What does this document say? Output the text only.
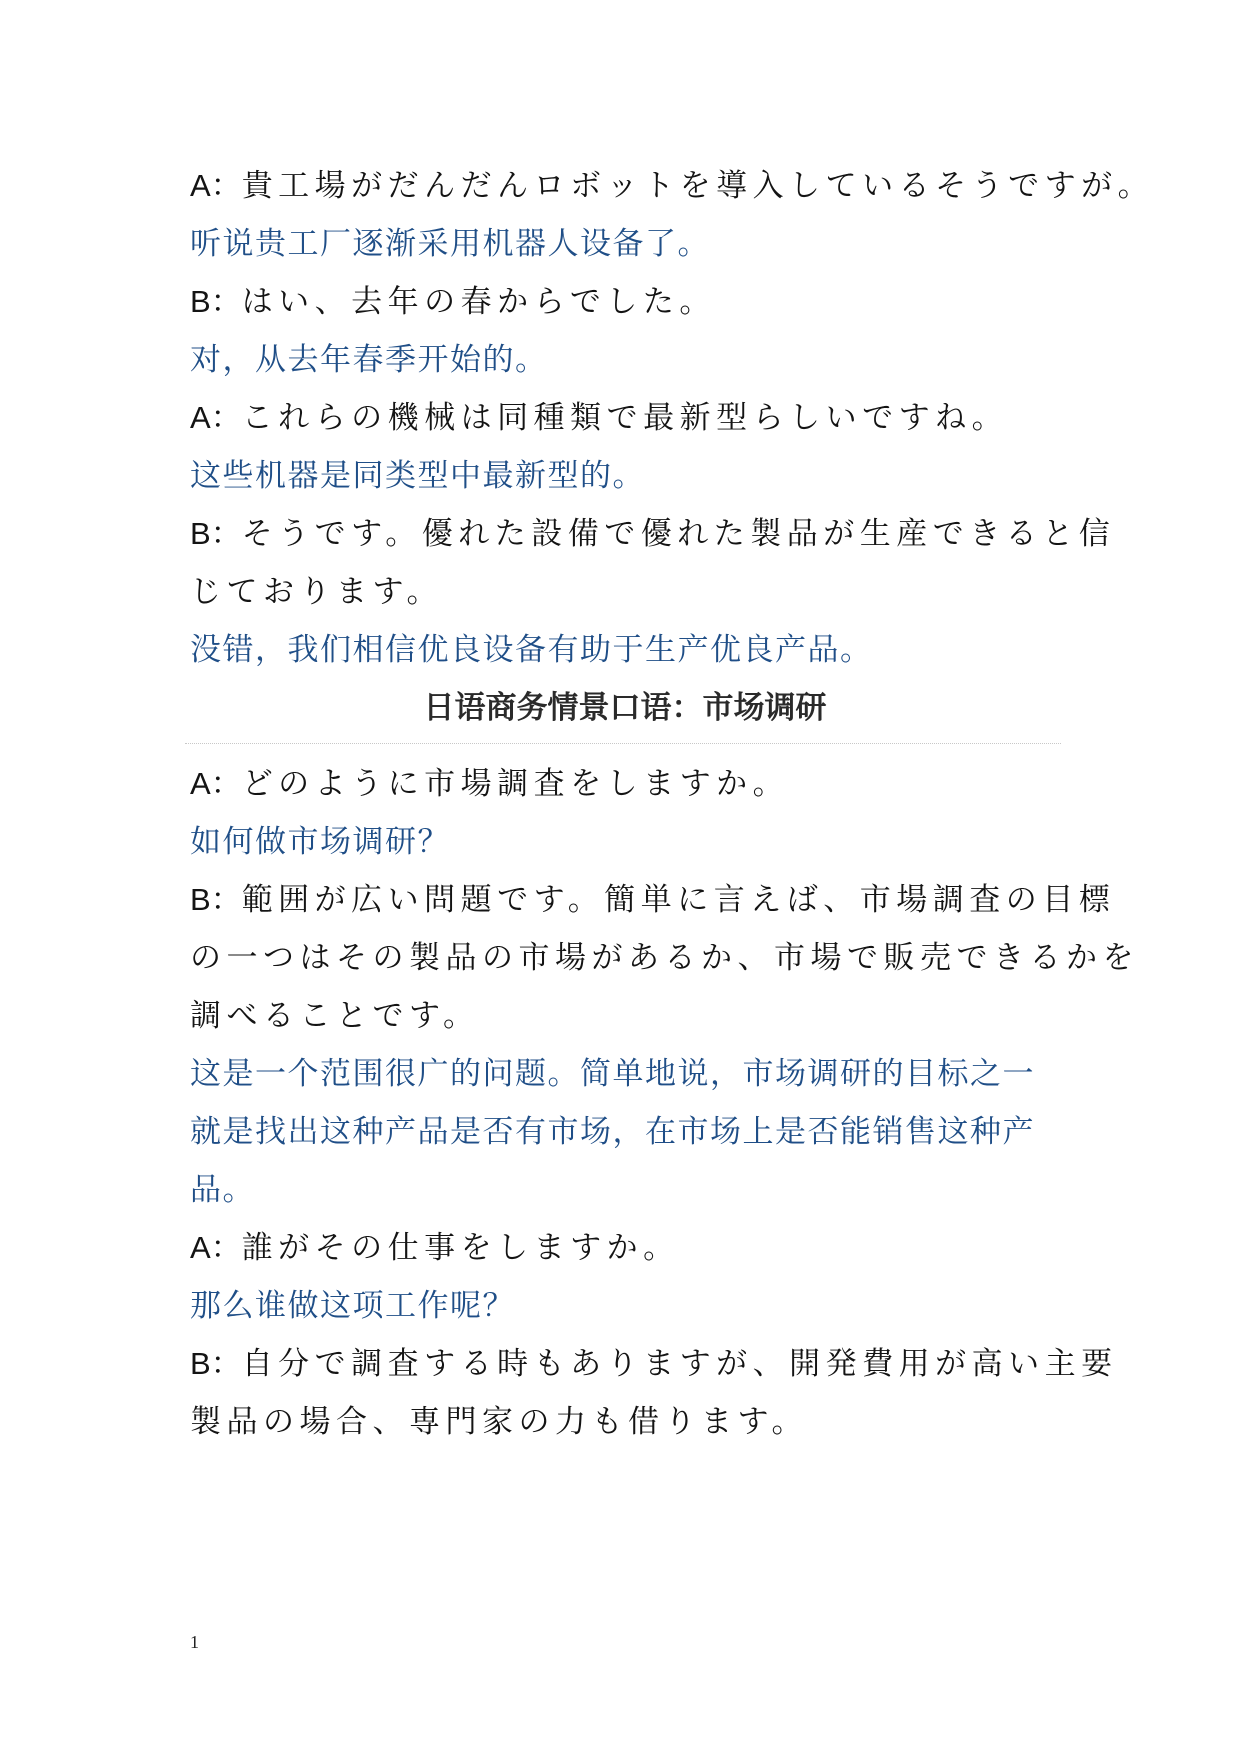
A：貴工場がだんだんロボットを導入しているそうですが。
听说贵工厂逐渐采用机器人设备了。
B：はい、去年の春からでした。
对，从去年春季开始的。
A：これらの機械は同種類で最新型らしいですね。
这些机器是同类型中最新型的。
B：そうです。優れた設備で優れた製品が生産できると信
じております。
没错，我们相信优良设备有助于生产优良产品。
日语商务情景口语：市场调研
A：どのように市場調査をしますか。
如何做市场调研？
B：範囲が広い問題です。簡単に言えば、市場調査の目標
の一つはその製品の市場があるか、市場で販売できるかを
調べることです。
这是一个范围很广的问题。简单地说，市场调研的目标之一
就是找出这种产品是否有市场，在市场上是否能销售这种产
品。
A：誰がその仕事をしますか。
那么谁做这项工作呢？
B：自分で調査する時もありますが、開発費用が高い主要
製品の場合、専門家の力も借ります。
1
